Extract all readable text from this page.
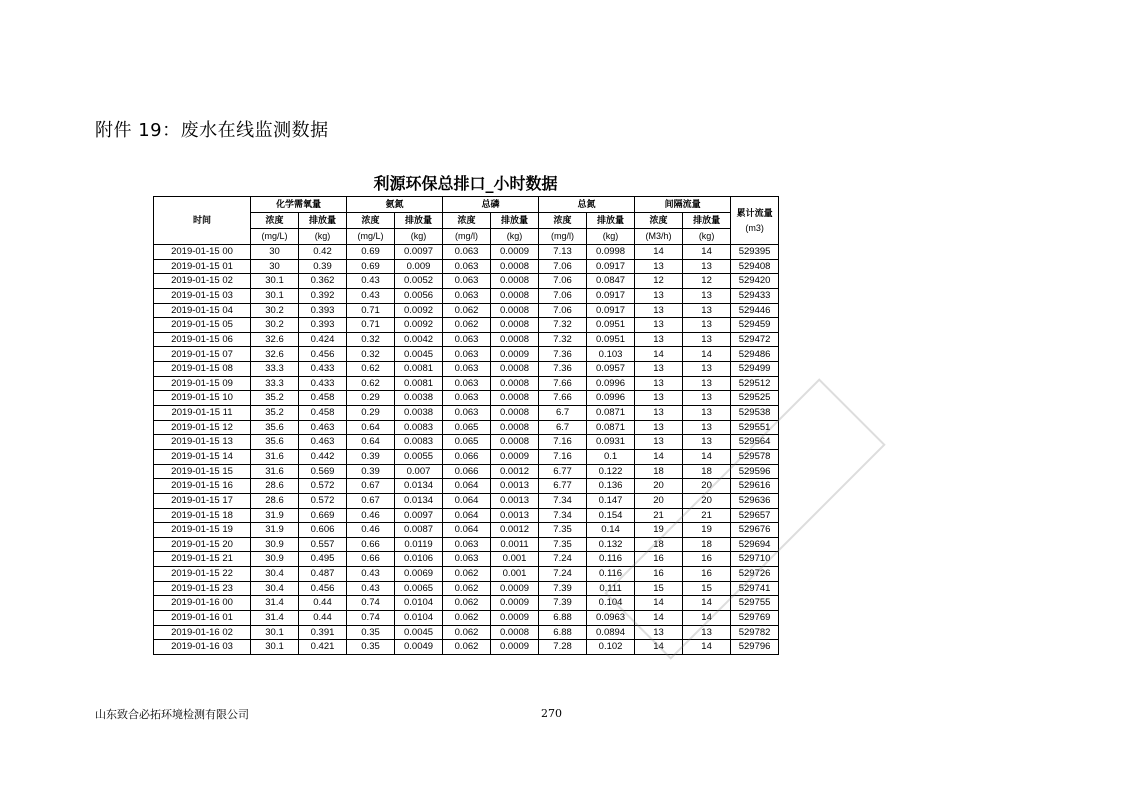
附件 19：废水在线监测数据
利源环保总排口_小时数据
时间	化学需氧量		氨氮		总磷		总氮		间隔流量		累计流量
(m3)

	浓度	排放量	浓度	排放量	浓度	排放量	浓度	排放量	浓度	排放量	
	(mg/L)	(kg)	(mg/L)	(kg)	(mg/l)	(kg)	(mg/l)	(kg)	(M3/h)	(kg)	
2019-01-15 00	30	0.42	0.69	0.0097	0.063	0.0009	7.13	0.0998	14	14	529395
2019-01-15 01	30	0.39	0.69	0.009	0.063	0.0008	7.06	0.0917	13	13	529408
2019-01-15 02	30.1	0.362	0.43	0.0052	0.063	0.0008	7.06	0.0847	12	12	529420
2019-01-15 03	30.1	0.392	0.43	0.0056	0.063	0.0008	7.06	0.0917	13	13	529433
2019-01-15 04	30.2	0.393	0.71	0.0092	0.062	0.0008	7.06	0.0917	13	13	529446
2019-01-15 05	30.2	0.393	0.71	0.0092	0.062	0.0008	7.32	0.0951	13	13	529459
2019-01-15 06	32.6	0.424	0.32	0.0042	0.063	0.0008	7.32	0.0951	13	13	529472
2019-01-15 07	32.6	0.456	0.32	0.0045	0.063	0.0009	7.36	0.103	14	14	529486
2019-01-15 08	33.3	0.433	0.62	0.0081	0.063	0.0008	7.36	0.0957	13	13	529499
2019-01-15 09	33.3	0.433	0.62	0.0081	0.063	0.0008	7.66	0.0996	13	13	529512
2019-01-15 10	35.2	0.458	0.29	0.0038	0.063	0.0008	7.66	0.0996	13	13	529525
2019-01-15 11	35.2	0.458	0.29	0.0038	0.063	0.0008	6.7	0.0871	13	13	529538
2019-01-15 12	35.6	0.463	0.64	0.0083	0.065	0.0008	6.7	0.0871	13	13	529551
2019-01-15 13	35.6	0.463	0.64	0.0083	0.065	0.0008	7.16	0.0931	13	13	529564
2019-01-15 14	31.6	0.442	0.39	0.0055	0.066	0.0009	7.16	0.1	14	14	529578
2019-01-15 15	31.6	0.569	0.39	0.007	0.066	0.0012	6.77	0.122	18	18	529596
2019-01-15 16	28.6	0.572	0.67	0.0134	0.064	0.0013	6.77	0.136	20	20	529616
2019-01-15 17	28.6	0.572	0.67	0.0134	0.064	0.0013	7.34	0.147	20	20	529636
2019-01-15 18	31.9	0.669	0.46	0.0097	0.064	0.0013	7.34	0.154	21	21	529657
2019-01-15 19	31.9	0.606	0.46	0.0087	0.064	0.0012	7.35	0.14	19	19	529676
2019-01-15 20	30.9	0.557	0.66	0.0119	0.063	0.0011	7.35	0.132	18	18	529694
2019-01-15 21	30.9	0.495	0.66	0.0106	0.063	0.001	7.24	0.116	16	16	529710
2019-01-15 22	30.4	0.487	0.43	0.0069	0.062	0.001	7.24	0.116	16	16	529726
2019-01-15 23	30.4	0.456	0.43	0.0065	0.062	0.0009	7.39	0.111	15	15	529741
2019-01-16 00	31.4	0.44	0.74	0.0104	0.062	0.0009	7.39	0.104	14	14	529755
2019-01-16 01	31.4	0.44	0.74	0.0104	0.062	0.0009	6.88	0.0963	14	14	529769
2019-01-16 02	30.1	0.391	0.35	0.0045	0.062	0.0008	6.88	0.0894	13	13	529782
2019-01-16 03	30.1	0.421	0.35	0.0049	0.062	0.0009	7.28	0.102	14	14	529796
山东致合必拓环境检测有限公司	270
